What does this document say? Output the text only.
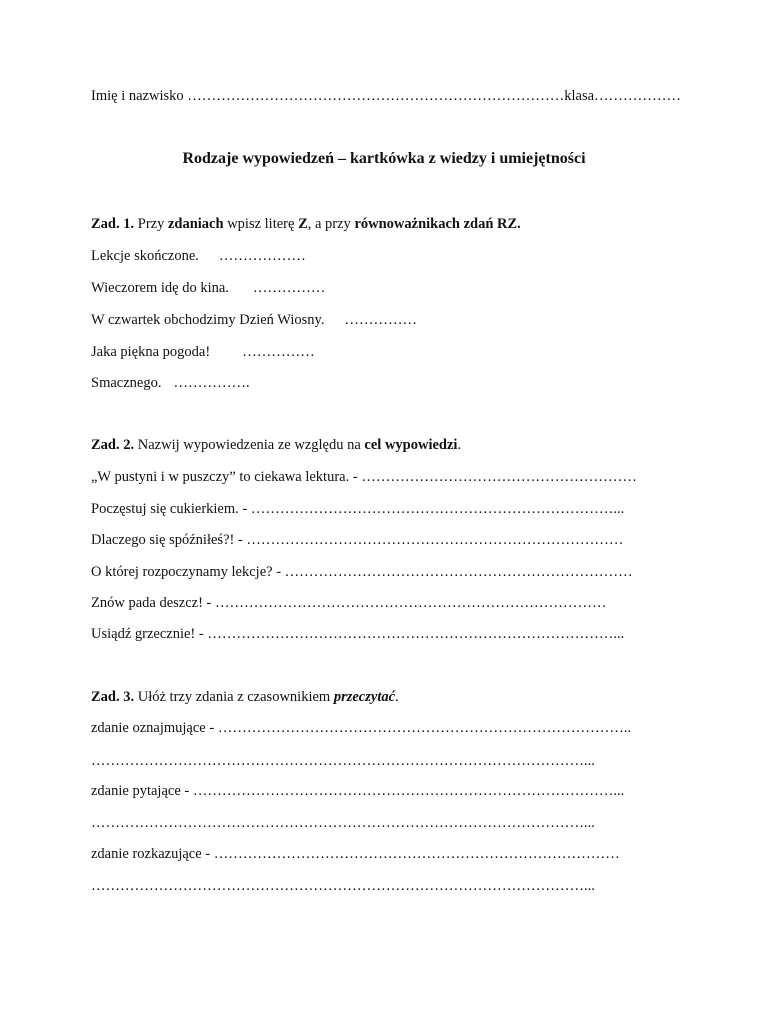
Imię i nazwisko ……………………………………………………………………klasa………………
Rodzaje wypowiedzeń – kartkówka z wiedzy i umiejętności
Zad. 1. Przy zdaniach wpisz literę Z, a przy równoważnikach zdań RZ.
Lekcje skończone. ………………
Wieczorem idę do kina. ……………
W czwartek obchodzimy Dzień Wiosny. ……………
Jaka piękna pogoda! ……………
Smacznego. …………….
Zad. 2. Nazwij wypowiedzenia ze względu na cel wypowiedzi.
„W pustyni i w puszczy” to ciekawa lektura. - …………………………………………………
Poczęstuj się cukierkiem. - …………………………………………………………………...
Dlaczego się spóźniłeś?! - ……………………………………………………………………
O której rozpoczynamy lekcje? - ………………………………………………………………
Znów pada deszcz! - ………………………………………………………………………
Usiądź grzecznie! - …………………………………………………………………………...
Zad. 3. Ułóż trzy zdania z czasownikiem przeczytać.
zdanie oznajmujące - …………………………………………………………………………..
…………………………………………………………………………………………...
zdanie pytające - ……………………………………………………………………………...
…………………………………………………………………………………………...
zdanie rozkazujące - …………………………………………………………………………
…………………………………………………………………………………………...
